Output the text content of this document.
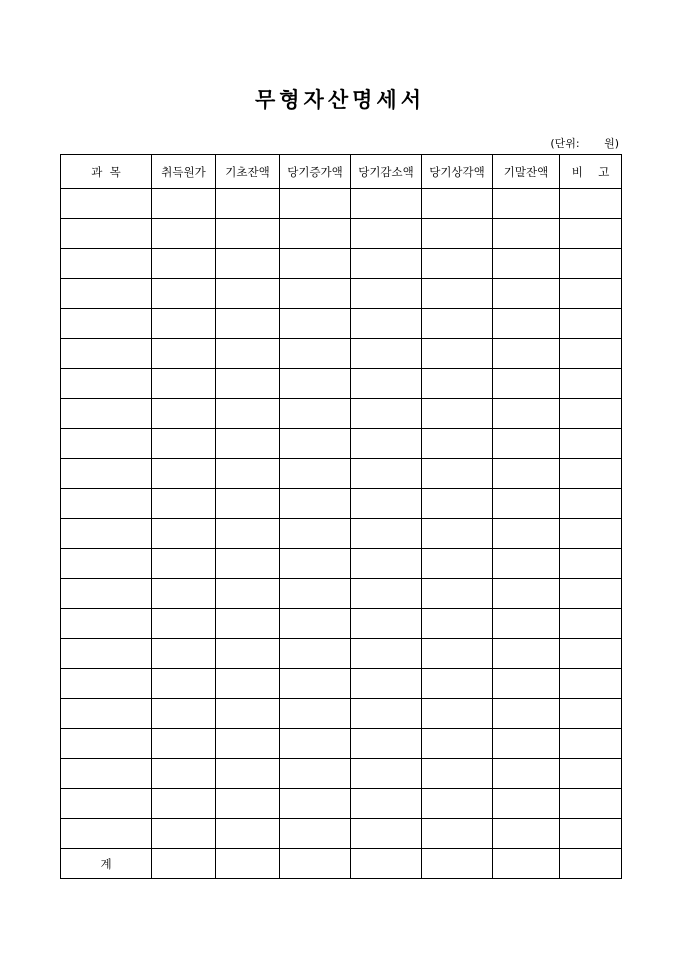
무형자산명세서
(단위: 원)
과  목	취득원가	기초잔액	당기증가액	당기감소액	당기상각액	기말잔액	비 고

계							
